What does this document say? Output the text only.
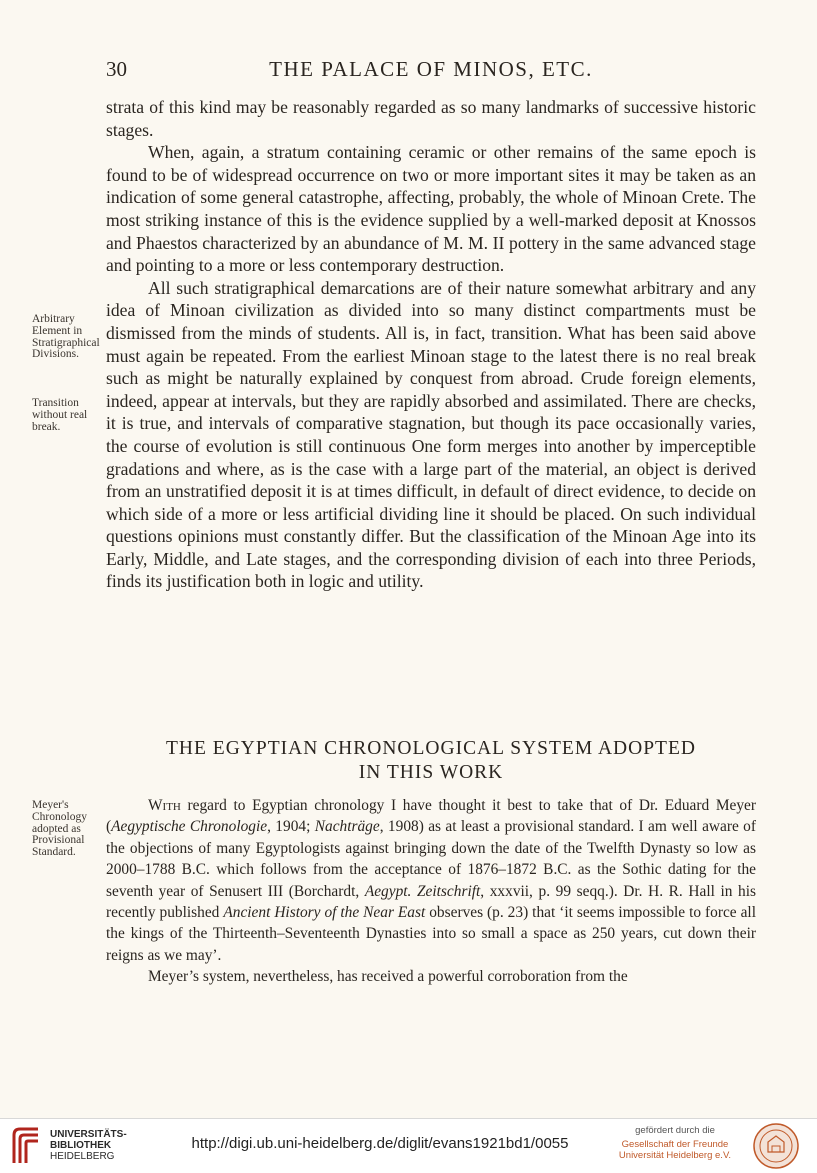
30	THE PALACE OF MINOS, ETC.
Arbitrary Element in Stratigraphical Divisions.
Transition without real break.
Meyer's Chronology adopted as Provisional Standard.

strata of this kind may be reasonably regarded as so many landmarks of successive historic stages.

When, again, a stratum containing ceramic or other remains of the same epoch is found to be of widespread occurrence on two or more important sites it may be taken as an indication of some general catastrophe, affecting, probably, the whole of Minoan Crete. The most striking instance of this is the evidence supplied by a well-marked deposit at Knossos and Phaestos characterized by an abundance of M. M. II pottery in the same advanced stage and pointing to a more or less contemporary destruction.

All such stratigraphical demarcations are of their nature somewhat arbitrary and any idea of Minoan civilization as divided into so many distinct compartments must be dismissed from the minds of students. All is, in fact, transition. What has been said above must again be repeated. From the earliest Minoan stage to the latest there is no real break such as might be naturally explained by conquest from abroad. Crude foreign elements, indeed, appear at intervals, but they are rapidly absorbed and assimilated. There are checks, it is true, and intervals of comparative stagnation, but though its pace occasionally varies, the course of evolution is still continuous One form merges into another by imperceptible gradations and where, as is the case with a large part of the material, an object is derived from an unstratified deposit it is at times difficult, in default of direct evidence, to decide on which side of a more or less artificial dividing line it should be placed. On such individual questions opinions must constantly differ. But the classification of the Minoan Age into its Early, Middle, and Late stages, and the corresponding division of each into three Periods, finds its justification both in logic and utility.

THE EGYPTIAN CHRONOLOGICAL SYSTEM ADOPTED
IN THIS WORK

With regard to Egyptian chronology I have thought it best to take that of Dr. Eduard Meyer (Aegyptische Chronologie, 1904; Nachträge, 1908) as at least a provisional standard. I am well aware of the objections of many Egyptologists against bringing down the date of the Twelfth Dynasty so low as 2000–1788 B.C. which follows from the acceptance of 1876–1872 B.C. as the Sothic dating for the seventh year of Senusert III (Borchardt, Aegypt. Zeitschrift, xxxvii, p. 99 seqq.). Dr. H. R. Hall in his recently published Ancient History of the Near East observes (p. 23) that ‘it seems impossible to force all the kings of the Thirteenth–Seventeenth Dynasties into so small a space as 250 years, cut down their reigns as we may’.

Meyer’s system, nevertheless, has received a powerful corroboration from the

UNIVERSITÄTS-
BIBLIOTHEK
HEIDELBERG
http://digi.ub.uni-heidelberg.de/diglit/evans1921bd1/0055
gefördert durch die
Gesellschaft der Freunde
Universität Heidelberg e.V.
